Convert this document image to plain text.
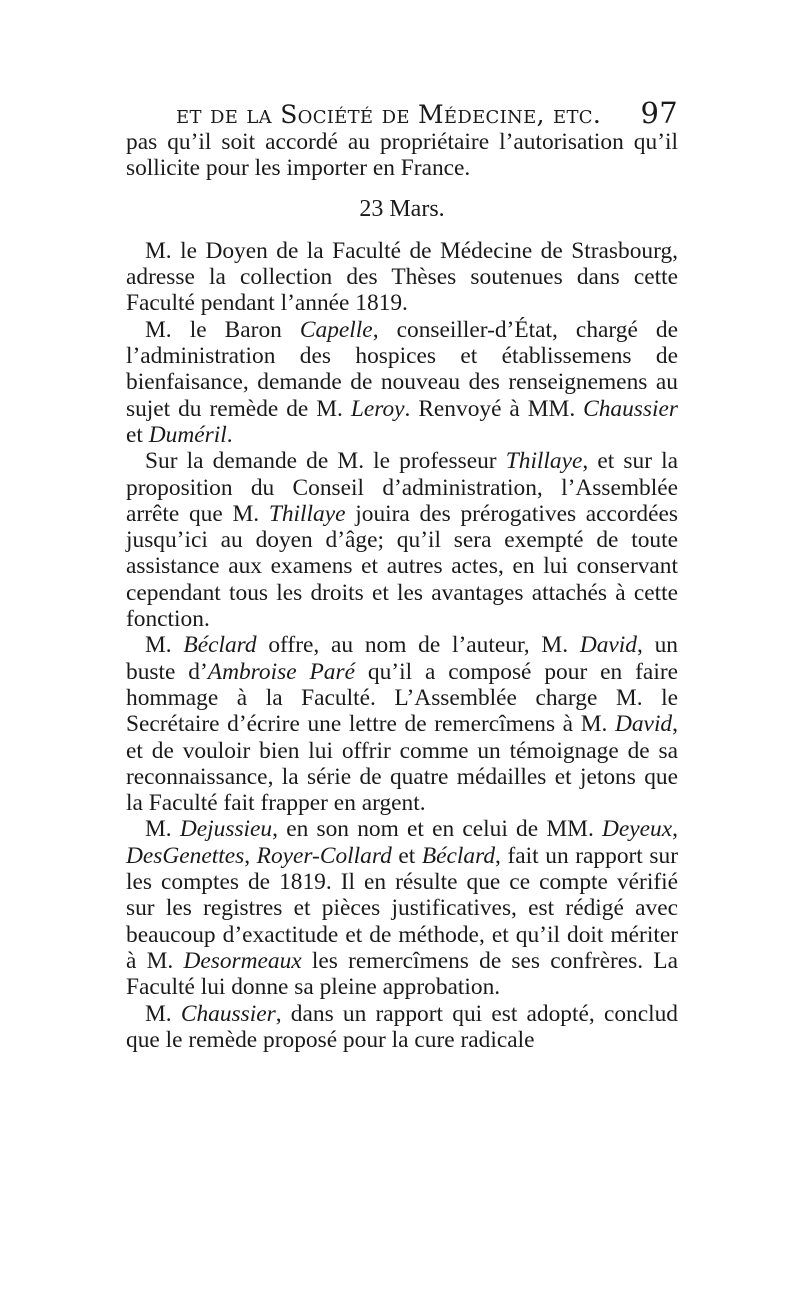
et de la Société de Médecine, etc. 97

pas qu’il soit accordé au propriétaire l’autorisation qu’il sollicite pour les importer en France.

23 Mars.

M. le Doyen de la Faculté de Médecine de Strasbourg, adresse la collection des Thèses soutenues dans cette Faculté pendant l’année 1819.

M. le Baron Capelle, conseiller-d’État, chargé de l’administration des hospices et établissemens de bienfaisance, demande de nouveau des renseignemens au sujet du remède de M. Leroy. Renvoyé à MM. Chaussier et Duméril.

Sur la demande de M. le professeur Thillaye, et sur la proposition du Conseil d’administration, l’Assemblée arrête que M. Thillaye jouira des prérogatives accordées jusqu’ici au doyen d’âge; qu’il sera exempté de toute assistance aux examens et autres actes, en lui conservant cependant tous les droits et les avantages attachés à cette fonction.

M. Béclard offre, au nom de l’auteur, M. David, un buste d’Ambroise Paré qu’il a composé pour en faire hommage à la Faculté. L’Assemblée charge M. le Secrétaire d’écrire une lettre de remercîmens à M. David, et de vouloir bien lui offrir comme un témoignage de sa reconnaissance, la série de quatre médailles et jetons que la Faculté fait frapper en argent.

M. Dejussieu, en son nom et en celui de MM. Deyeux, DesGenettes, Royer-Collard et Béclard, fait un rapport sur les comptes de 1819. Il en résulte que ce compte vérifié sur les registres et pièces justificatives, est rédigé avec beaucoup d’exactitude et de méthode, et qu’il doit mériter à M. Desormeaux les remercîmens de ses confrères. La Faculté lui donne sa pleine approbation.

M. Chaussier, dans un rapport qui est adopté, conclud que le remède proposé pour la cure radicale
